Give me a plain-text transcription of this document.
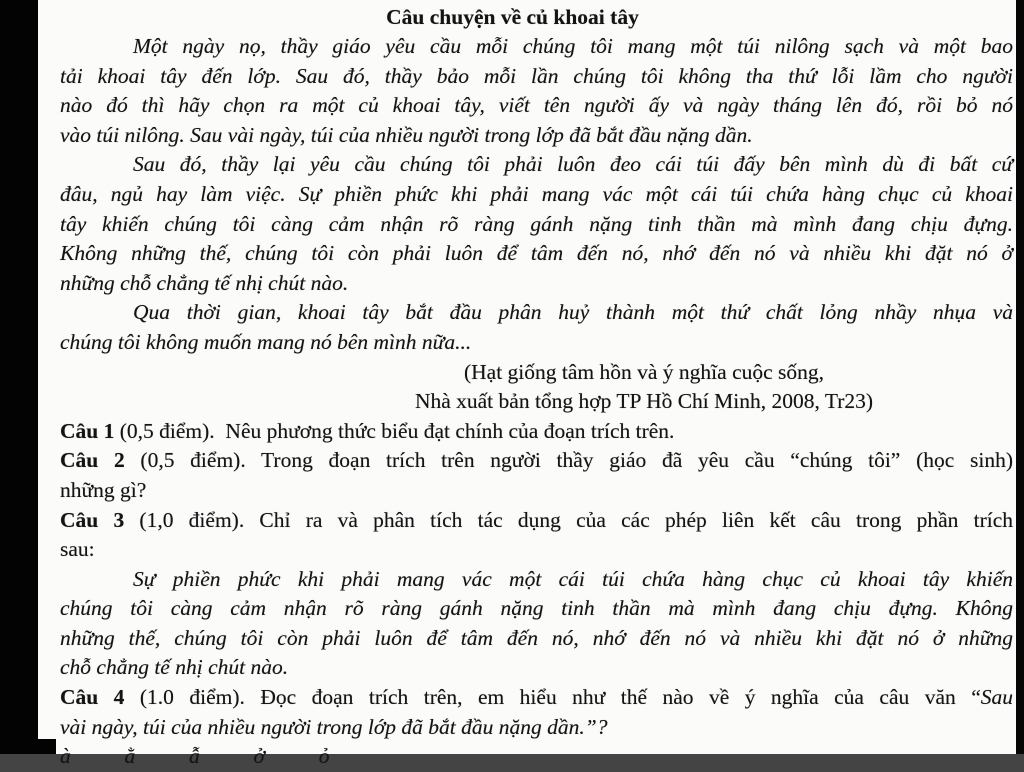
Câu chuyện về củ khoai tây

Một ngày nọ, thầy giáo yêu cầu mỗi chúng tôi mang một túi nilông sạch và một bao

tải khoai tây đến lớp. Sau đó, thầy bảo mỗi lần chúng tôi không tha thứ lỗi lầm cho người

nào đó thì hãy chọn ra một củ khoai tây, viết tên người ấy và ngày tháng lên đó, rồi bỏ nó

vào túi nilông. Sau vài ngày, túi của nhiều người trong lớp đã bắt đầu nặng dần.

Sau đó, thầy lại yêu cầu chúng tôi phải luôn đeo cái túi đấy bên mình dù đi bất cứ

đâu, ngủ hay làm việc. Sự phiền phức khi phải mang vác một cái túi chứa hàng chục củ khoai

tây khiến chúng tôi càng cảm nhận rõ ràng gánh nặng tinh thần mà mình đang chịu đựng.

Không những thế, chúng tôi còn phải luôn để tâm đến nó, nhớ đến nó và nhiều khi đặt nó ở

những chỗ chẳng tế nhị chút nào.

Qua thời gian, khoai tây bắt đầu phân huỷ thành một thứ chất lỏng nhầy nhụa và

chúng tôi không muốn mang nó bên mình nữa...

(Hạt giống tâm hồn và ý nghĩa cuộc sống,

Nhà xuất bản tổng hợp TP Hồ Chí Minh, 2008, Tr23)

Câu 1 (0,5 điểm).  Nêu phương thức biểu đạt chính của đoạn trích trên.

Câu 2 (0,5 điểm). Trong đoạn trích trên người thầy giáo đã yêu cầu “chúng tôi” (học sinh)

những gì?

Câu 3 (1,0 điểm). Chỉ ra và phân tích tác dụng của các phép liên kết câu trong phần trích

sau:

Sự phiền phức khi phải mang vác một cái túi chứa hàng chục củ khoai tây khiến

chúng tôi càng cảm nhận rõ ràng gánh nặng tinh thần mà mình đang chịu đựng. Không

những thế, chúng tôi còn phải luôn để tâm đến nó, nhớ đến nó và nhiều khi đặt nó ở những

chỗ chẳng tế nhị chút nào.

Câu 4 (1.0 điểm). Đọc đoạn trích trên, em hiểu như thế nào về ý nghĩa của câu văn “Sau

vài ngày, túi của nhiều người trong lớp đã bắt đầu nặng dần.”?

à   ằ   ẫ   ở   ỏ
